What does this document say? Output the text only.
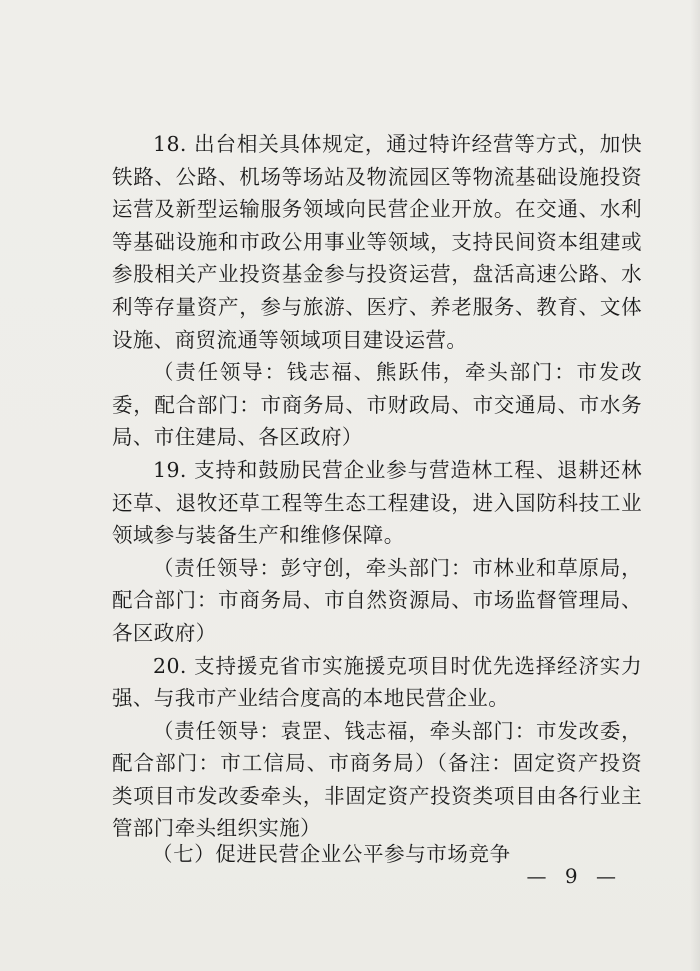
18. 出台相关具体规定，通过特许经营等方式，加快铁路、公路、机场等场站及物流园区等物流基础设施投资运营及新型运输服务领域向民营企业开放。在交通、水利等基础设施和市政公用事业等领域，支持民间资本组建或参股相关产业投资基金参与投资运营，盘活高速公路、水利等存量资产，参与旅游、医疗、养老服务、教育、文体设施、商贸流通等领域项目建设运营。

（责任领导：钱志福、熊跃伟，牵头部门：市发改委，配合部门：市商务局、市财政局、市交通局、市水务局、市住建局、各区政府）

19. 支持和鼓励民营企业参与营造林工程、退耕还林还草、退牧还草工程等生态工程建设，进入国防科技工业领域参与装备生产和维修保障。

（责任领导：彭守创，牵头部门：市林业和草原局，配合部门：市商务局、市自然资源局、市场监督管理局、各区政府）

20. 支持援克省市实施援克项目时优先选择经济实力强、与我市产业结合度高的本地民营企业。

（责任领导：袁罡、钱志福，牵头部门：市发改委，配合部门：市工信局、市商务局）（备注：固定资产投资类项目市发改委牵头，非固定资产投资类项目由各行业主管部门牵头组织实施）

（七）促进民营企业公平参与市场竞争
— 9 —
